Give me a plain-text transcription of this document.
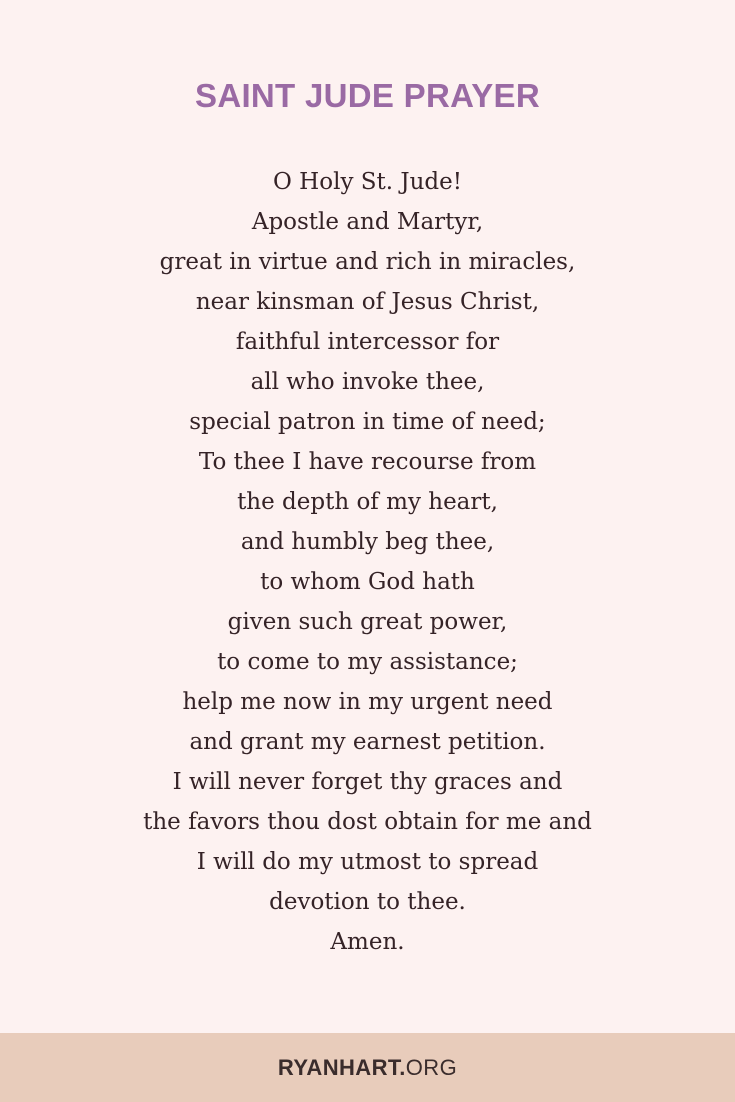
SAINT JUDE PRAYER
O Holy St. Jude!
Apostle and Martyr,
great in virtue and rich in miracles,
near kinsman of Jesus Christ,
faithful intercessor for
all who invoke thee,
special patron in time of need;
To thee I have recourse from
the depth of my heart,
and humbly beg thee,
to whom God hath
given such great power,
to come to my assistance;
help me now in my urgent need
and grant my earnest petition.
I will never forget thy graces and
the favors thou dost obtain for me and
I will do my utmost to spread
devotion to thee.
Amen.
RYANHART.ORG
